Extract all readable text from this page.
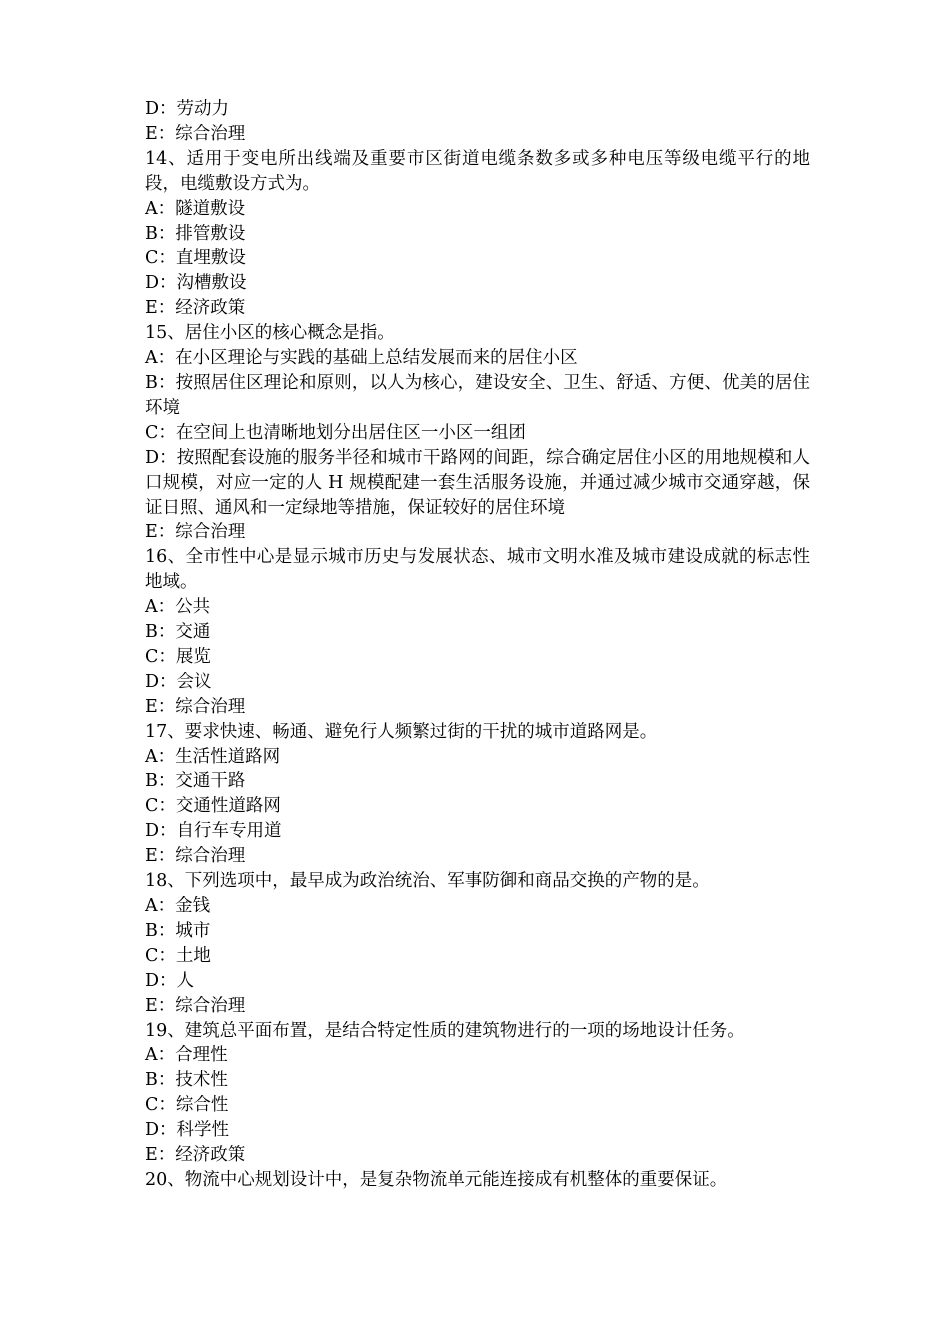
D：劳动力
E：综合治理
14、适用于变电所出线端及重要市区街道电缆条数多或多种电压等级电缆平行的地段，电缆敷设方式为。
A：隧道敷设
B：排管敷设
C：直埋敷设
D：沟槽敷设
E：经济政策
15、居住小区的核心概念是指。
A：在小区理论与实践的基础上总结发展而来的居住小区
B：按照居住区理论和原则，以人为核心，建设安全、卫生、舒适、方便、优美的居住环境
C：在空间上也清晰地划分出居住区一小区一组团
D：按照配套设施的服务半径和城市干路网的间距，综合确定居住小区的用地规模和人口规模，对应一定的人 H 规模配建一套生活服务设施，并通过减少城市交通穿越，保证日照、通风和一定绿地等措施，保证较好的居住环境
E：综合治理
16、全市性中心是显示城市历史与发展状态、城市文明水准及城市建设成就的标志性地域。
A：公共
B：交通
C：展览
D：会议
E：综合治理
17、要求快速、畅通、避免行人频繁过街的干扰的城市道路网是。
A：生活性道路网
B：交通干路
C：交通性道路网
D：自行车专用道
E：综合治理
18、下列选项中，最早成为政治统治、军事防御和商品交换的产物的是。
A：金钱
B：城市
C：土地
D：人
E：综合治理
19、建筑总平面布置，是结合特定性质的建筑物进行的一项的场地设计任务。
A：合理性
B：技术性
C：综合性
D：科学性
E：经济政策
20、物流中心规划设计中，是复杂物流单元能连接成有机整体的重要保证。
